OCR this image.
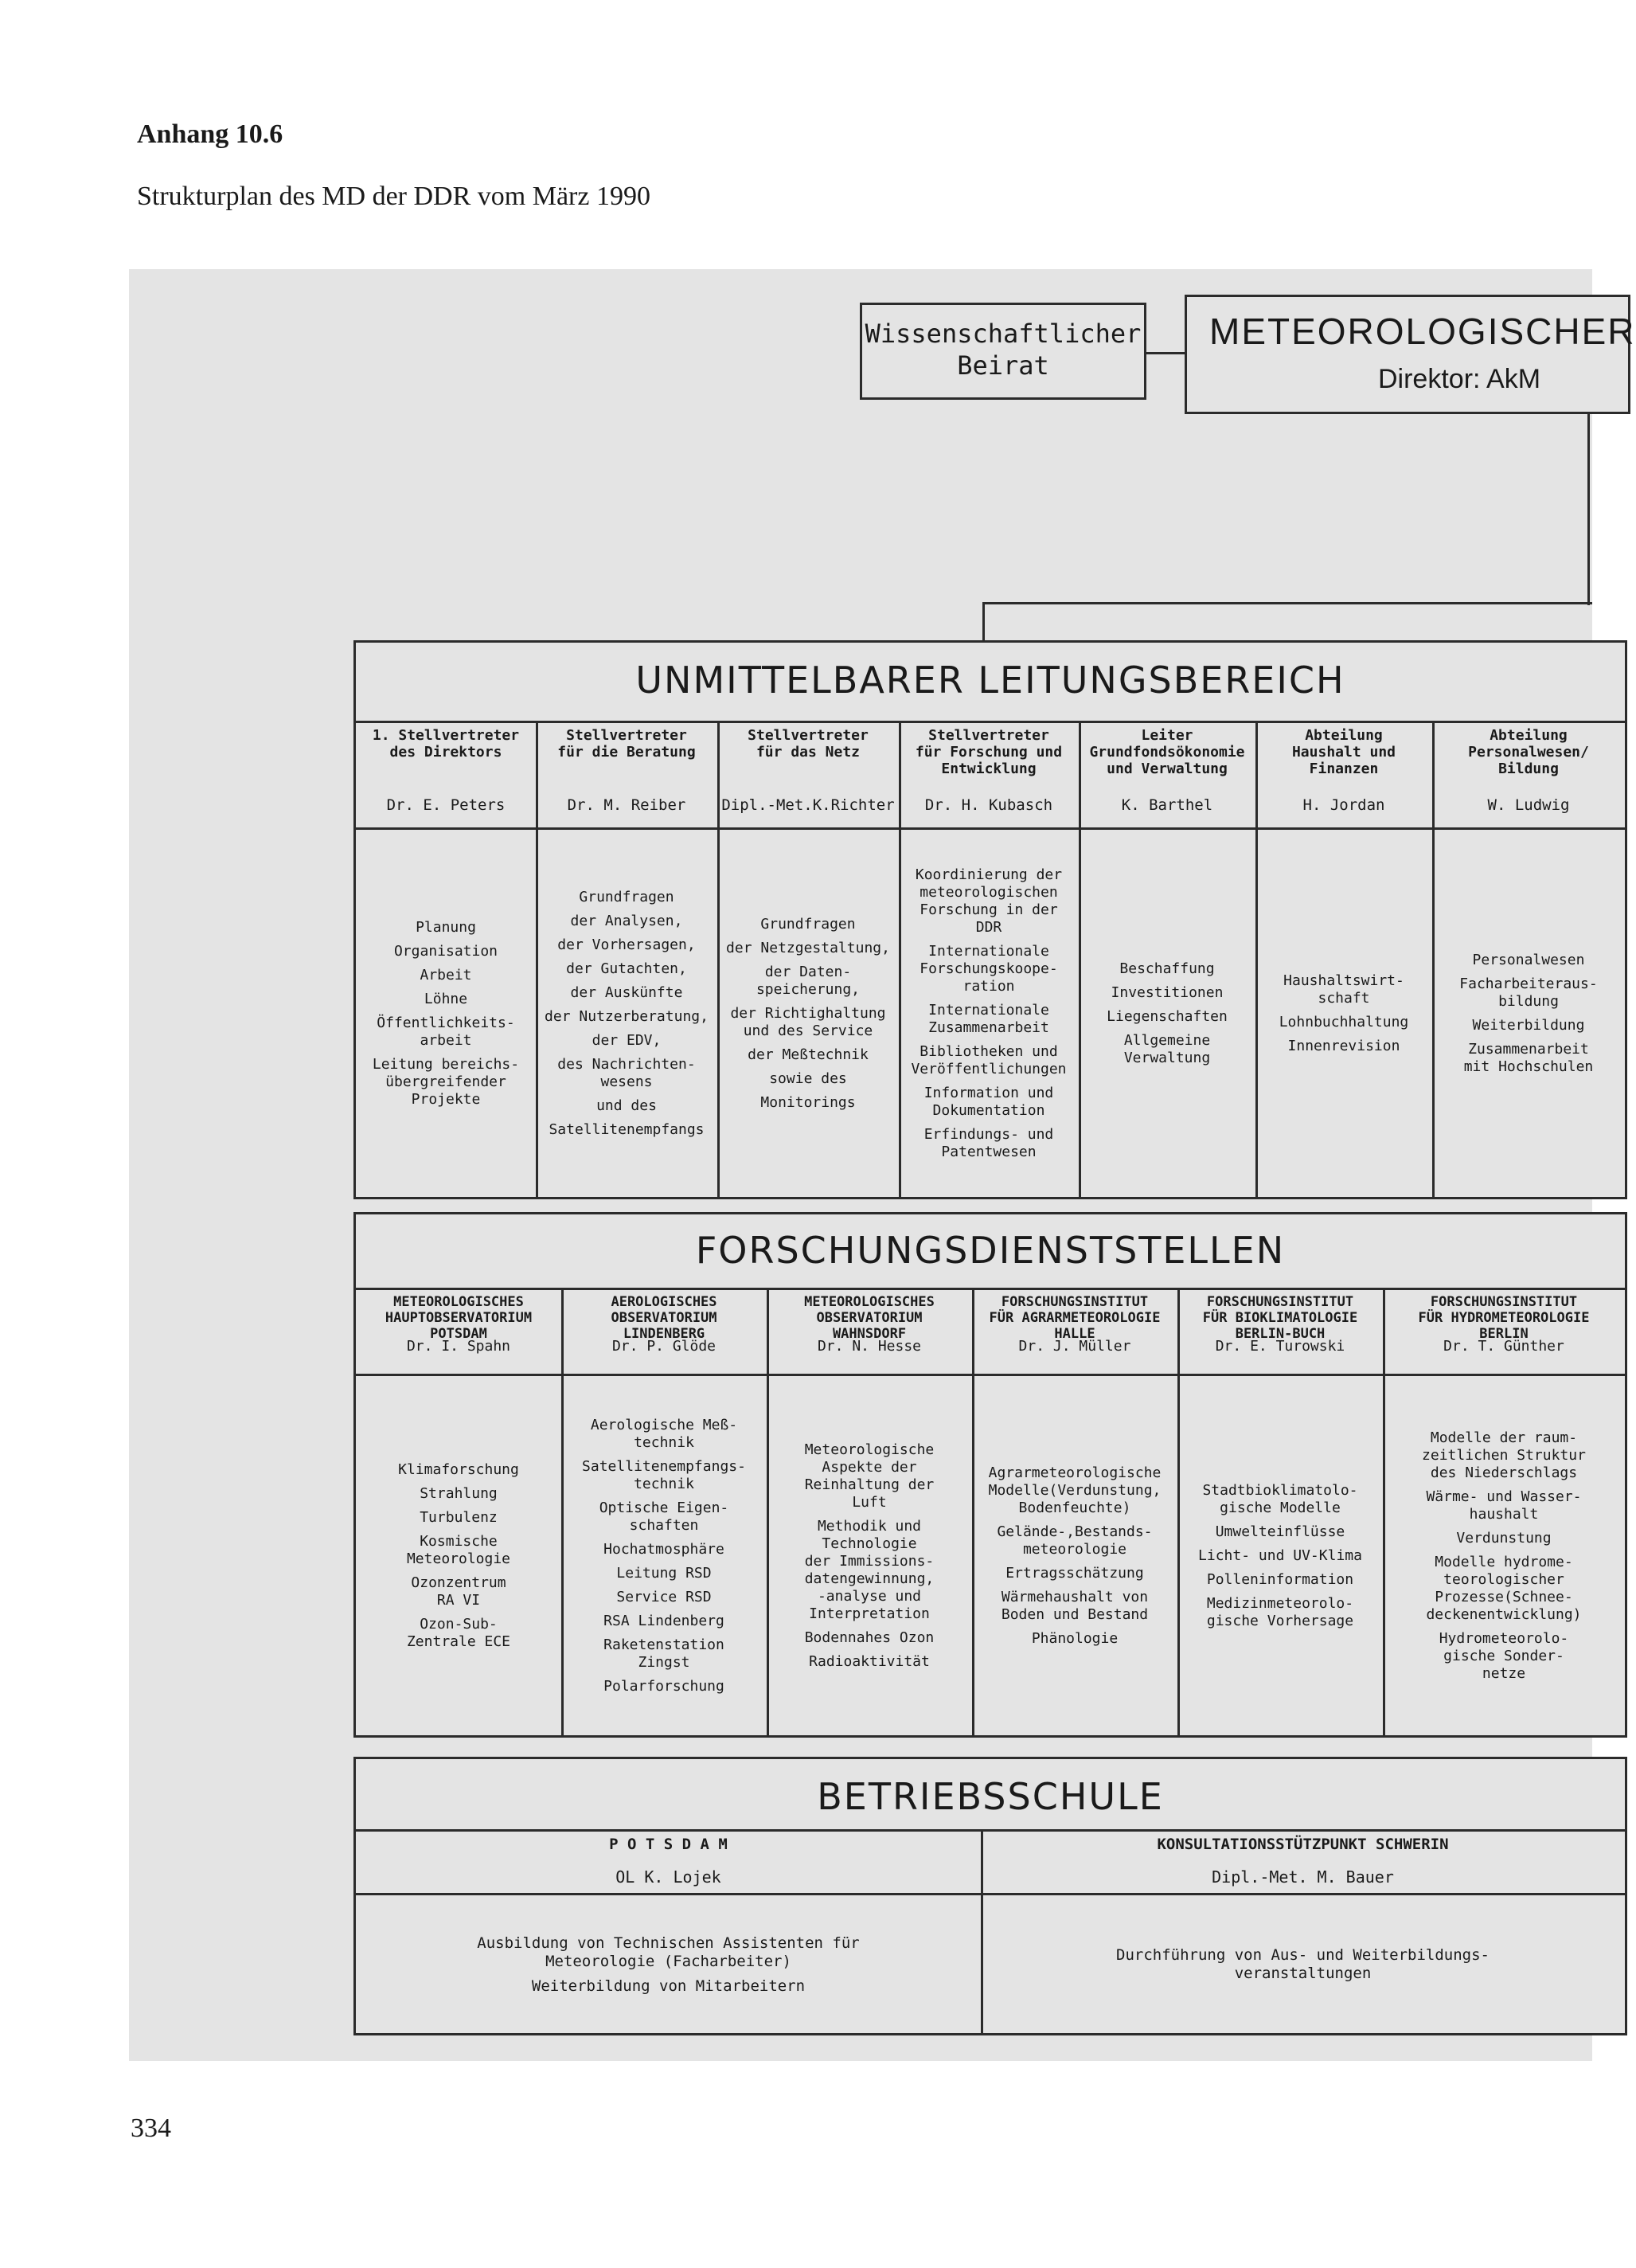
Anhang 10.6
Strukturplan des MD der DDR vom März 1990
Wissenschaftlicher
Beirat
METEOROLOGISCHER
Direktor: AkM
UNMITTELBARER LEITUNGSBEREICH
1. Stellvertreter
des Direktors
Dr. E. Peters
Planung
Organisation
Arbeit
Löhne
Öffentlichkeits-
arbeit
Leitung bereichs-
übergreifender
Projekte
Stellvertreter
für die Beratung
Dr. M. Reiber
Grundfragen
der Analysen,
der Vorhersagen,
der Gutachten,
der Auskünfte
der Nutzerberatung,
der EDV,
des Nachrichten-
wesens
und des
Satellitenempfangs
Stellvertreter
für das Netz
Dipl.-Met.K.Richter
Grundfragen
der Netzgestaltung,
der Daten-
speicherung,
der Richtighaltung
und des Service
der Meßtechnik
sowie des
Monitorings
Stellvertreter
für Forschung und
Entwicklung
Dr. H. Kubasch
Koordinierung der
meteorologischen
Forschung in der
DDR
Internationale
Forschungskoope-
ration
Internationale
Zusammenarbeit
Bibliotheken und
Veröffentlichungen
Information und
Dokumentation
Erfindungs- und
Patentwesen
Leiter
Grundfondsökonomie
und Verwaltung
K. Barthel
Beschaffung
Investitionen
Liegenschaften
Allgemeine
Verwaltung
Abteilung
Haushalt und
Finanzen
H. Jordan
Haushaltswirt-
schaft
Lohnbuchhaltung
Innenrevision
Abteilung
Personalwesen/
Bildung
W. Ludwig
Personalwesen
Facharbeiteraus-
bildung
Weiterbildung
Zusammenarbeit
mit Hochschulen
FORSCHUNGSDIENSTSTELLEN
METEOROLOGISCHES
HAUPTOBSERVATORIUM
POTSDAM
Dr. I. Spahn
Klimaforschung
Strahlung
Turbulenz
Kosmische
Meteorologie
Ozonzentrum
RA VI
Ozon-Sub-
Zentrale ECE
AEROLOGISCHES
OBSERVATORIUM
LINDENBERG
Dr. P. Glöde
Aerologische Meß-
technik
Satellitenempfangs-
technik
Optische Eigen-
schaften
Hochatmosphäre
Leitung RSD
Service RSD
RSA Lindenberg
Raketenstation
Zingst
Polarforschung
METEOROLOGISCHES
OBSERVATORIUM
WAHNSDORF
Dr. N. Hesse
Meteorologische
Aspekte der
Reinhaltung der
Luft
Methodik und
Technologie
der Immissions-
datengewinnung,
-analyse und
Interpretation
Bodennahes Ozon
Radioaktivität
FORSCHUNGSINSTITUT
FÜR AGRARMETEOROLOGIE
HALLE
Dr. J. Müller
Agrarmeteorologische
Modelle(Verdunstung,
Bodenfeuchte)
Gelände-,Bestands-
meteorologie
Ertragsschätzung
Wärmehaushalt von
Boden und Bestand
Phänologie
FORSCHUNGSINSTITUT
FÜR BIOKLIMATOLOGIE
BERLIN-BUCH
Dr. E. Turowski
Stadtbioklimatolo-
gische Modelle
Umwelteinflüsse
Licht- und UV-Klima
Polleninformation
Medizinmeteorolo-
gische Vorhersage
FORSCHUNGSINSTITUT
FÜR HYDROMETEOROLOGIE
BERLIN
Dr. T. Günther
Modelle der raum-
zeitlichen Struktur
des Niederschlags
Wärme- und Wasser-
haushalt
Verdunstung
Modelle hydrome-
teorologischer
Prozesse(Schnee-
deckenentwicklung)
Hydrometeorolo-
gische Sonder-
netze
BETRIEBSSCHULE
P O T S D A M
OL K. Lojek
Ausbildung von Technischen Assistenten für
Meteorologie (Facharbeiter)
Weiterbildung von Mitarbeitern
KONSULTATIONSSTÜTZPUNKT SCHWERIN
Dipl.-Met. M. Bauer
Durchführung von Aus- und Weiterbildungs-
veranstaltungen
334
